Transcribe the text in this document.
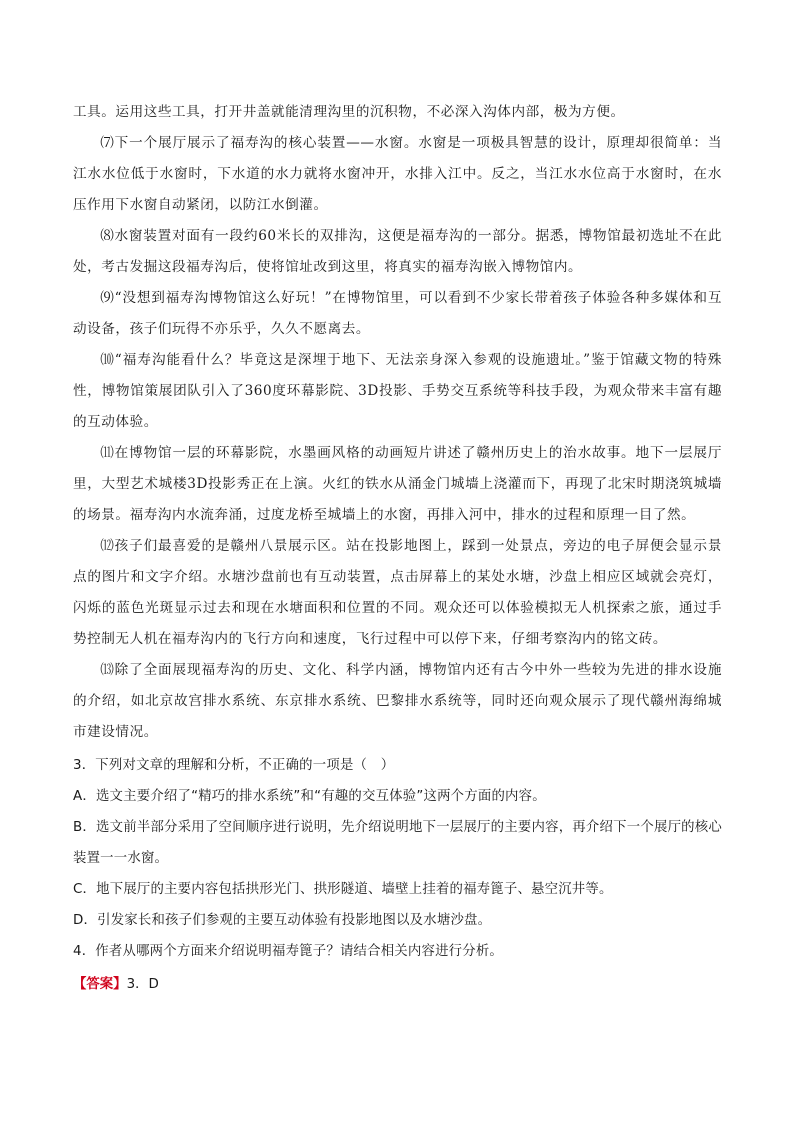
工具。运用这些工具，打开井盖就能清理沟里的沉积物，不必深入沟体内部，极为方便。

⑺下一个展厅展示了福寿沟的核心装置——水窗。水窗是一项极具智慧的设计，原理却很简单：当江水水位低于水窗时，下水道的水力就将水窗冲开，水排入江中。反之，当江水水位高于水窗时，在水压作用下水窗自动紧闭，以防江水倒灌。

⑻水窗装置对面有一段约60米长的双排沟，这便是福寿沟的一部分。据悉，博物馆最初选址不在此处，考古发掘这段福寿沟后，使将馆址改到这里，将真实的福寿沟嵌入博物馆内。

⑼“没想到福寿沟博物馆这么好玩！”在博物馆里，可以看到不少家长带着孩子体验各种多媒体和互动设备，孩子们玩得不亦乐乎，久久不愿离去。

⑽“福寿沟能看什么？毕竟这是深埋于地下、无法亲身深入参观的设施遗址。”鉴于馆藏文物的特殊性，博物馆策展团队引入了360度环幕影院、3D投影、手势交互系统等科技手段，为观众带来丰富有趣的互动体验。

⑾在博物馆一层的环幕影院，水墨画风格的动画短片讲述了赣州历史上的治水故事。地下一层展厅里，大型艺术城楼3D投影秀正在上演。火红的铁水从涌金门城墙上浇灌而下，再现了北宋时期浇筑城墙的场景。福寿沟内水流奔涌，过度龙桥至城墙上的水窗，再排入河中，排水的过程和原理一目了然。

⑿孩子们最喜爱的是赣州八景展示区。站在投影地图上，踩到一处景点，旁边的电子屏便会显示景点的图片和文字介绍。水塘沙盘前也有互动装置，点击屏幕上的某处水塘，沙盘上相应区域就会亮灯，闪烁的蓝色光斑显示过去和现在水塘面积和位置的不同。观众还可以体验模拟无人机探索之旅，通过手势控制无人机在福寿沟内的飞行方向和速度，飞行过程中可以停下来，仔细考察沟内的铭文砖。

⒀除了全面展现福寿沟的历史、文化、科学内涵，博物馆内还有古今中外一些较为先进的排水设施的介绍，如北京故宫排水系统、东京排水系统、巴黎排水系统等，同时还向观众展示了现代赣州海绵城市建设情况。

3．下列对文章的理解和分析，不正确的一项是（　）

A．选文主要介绍了“精巧的排水系统”和“有趣的交互体验”这两个方面的内容。

B．选文前半部分采用了空间顺序进行说明，先介绍说明地下一层展厅的主要内容，再介绍下一个展厅的核心装置一一水窗。

C．地下展厅的主要内容包括拱形光门、拱形隧道、墙壁上挂着的福寿篦子、悬空沉井等。

D．引发家长和孩子们参观的主要互动体验有投影地图以及水塘沙盘。

4．作者从哪两个方面来介绍说明福寿篦子？请结合相关内容进行分析。

【答案】3．D
